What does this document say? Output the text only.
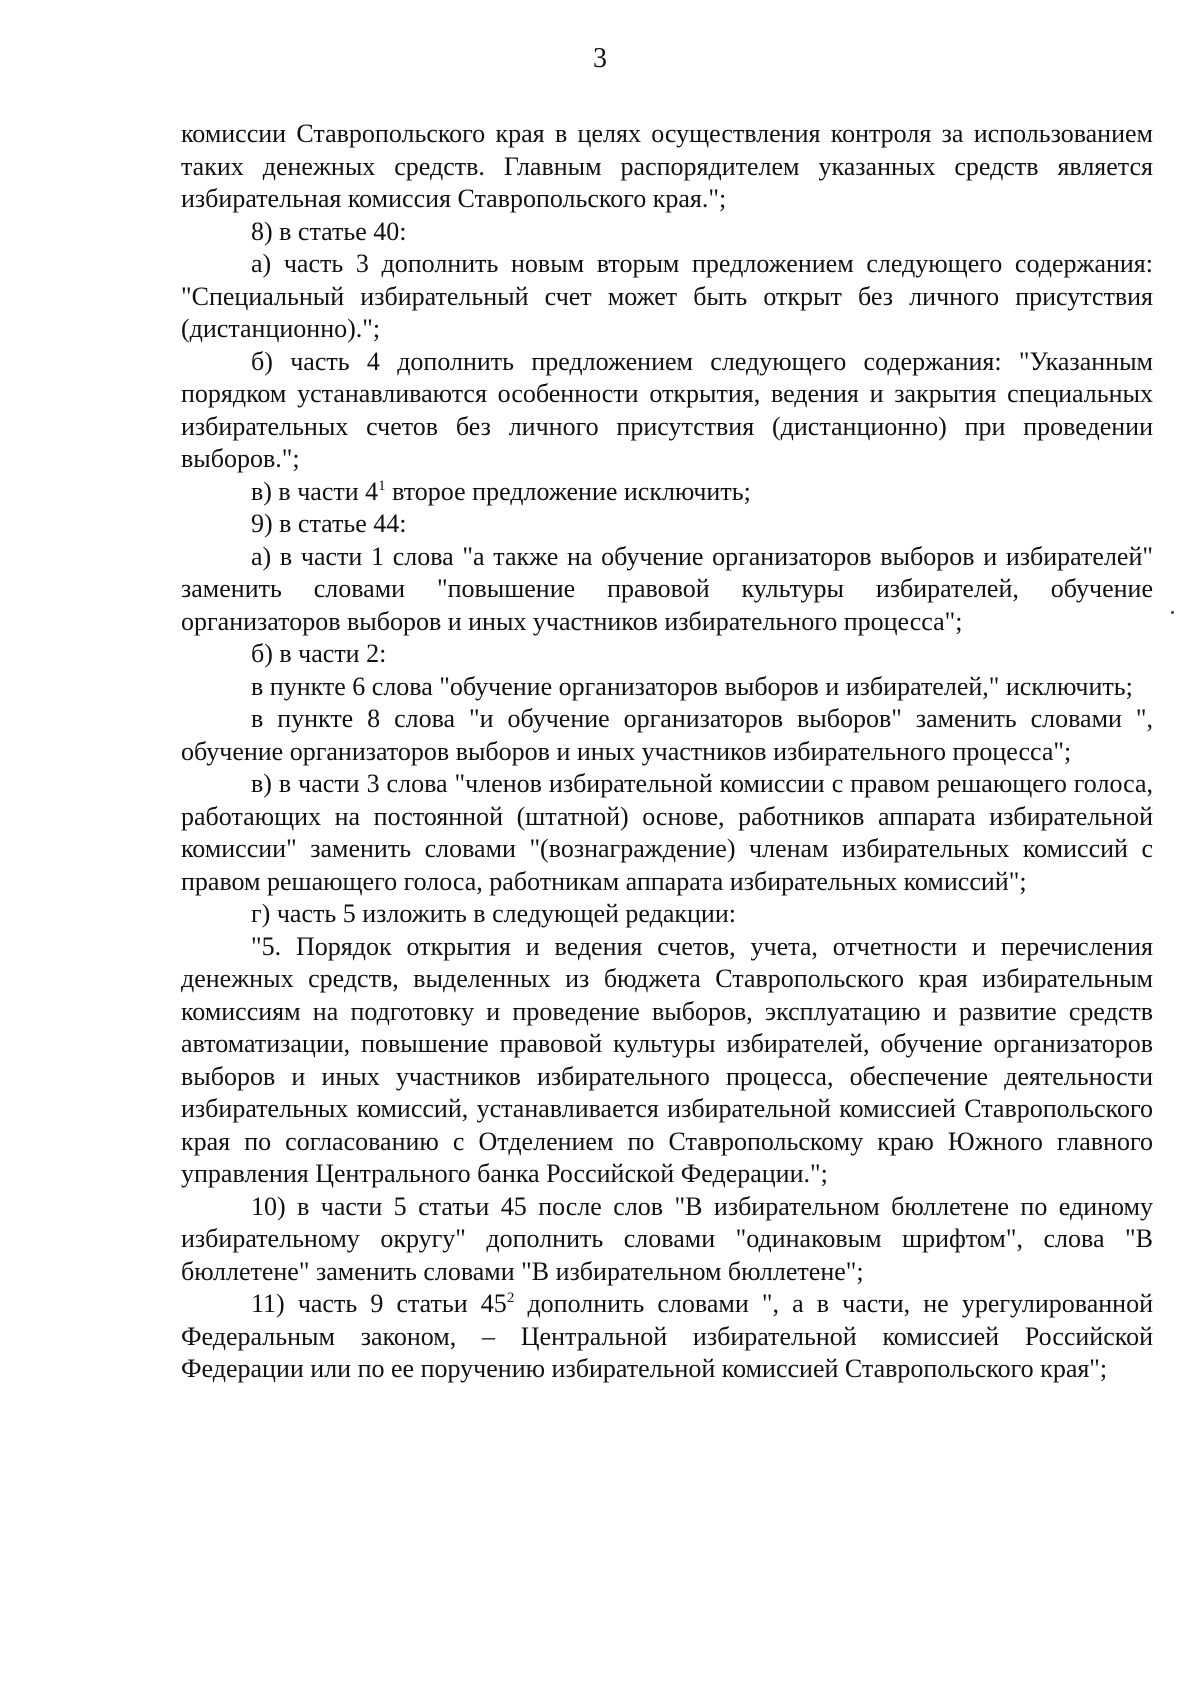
3

комиссии Ставропольского края в целях осуществления контроля за использованием таких денежных средств. Главным распорядителем указанных средств является избирательная комиссия Ставропольского края.";

8) в статье 40:

а) часть 3 дополнить новым вторым предложением следующего содержания: "Специальный избирательный счет может быть открыт без личного присутствия (дистанционно).";

б) часть 4 дополнить предложением следующего содержания: "Указанным порядком устанавливаются особенности открытия, ведения и закрытия специальных избирательных счетов без личного присутствия (дистанционно) при проведении выборов.";

в) в части $4^1$ второе предложение исключить;

9) в статье 44:

а) в части 1 слова "а также на обучение организаторов выборов и избирателей" заменить словами "повышение правовой культуры избирателей, обучение организаторов выборов и иных участников избирательного процесса";

б) в части 2:

в пункте 6 слова "обучение организаторов выборов и избирателей," исключить;

в пункте 8 слова "и обучение организаторов выборов" заменить словами ", обучение организаторов выборов и иных участников избирательного процесса";

в) в части 3 слова "членов избирательной комиссии с правом решающего голоса, работающих на постоянной (штатной) основе, работников аппарата избирательной комиссии" заменить словами "(вознаграждение) членам избирательных комиссий с правом решающего голоса, работникам аппарата избирательных комиссий";

г) часть 5 изложить в следующей редакции:

"5. Порядок открытия и ведения счетов, учета, отчетности и перечисления денежных средств, выделенных из бюджета Ставропольского края избирательным комиссиям на подготовку и проведение выборов, эксплуатацию и развитие средств автоматизации, повышение правовой культуры избирателей, обучение организаторов выборов и иных участников избирательного процесса, обеспечение деятельности избирательных комиссий, устанавливается избирательной комиссией Ставропольского края по согласованию с Отделением по Ставропольскому краю Южного главного управления Центрального банка Российской Федерации.";

10) в части 5 статьи 45 после слов "В избирательном бюллетене по единому избирательному округу" дополнить словами "одинаковым шрифтом", слова "В бюллетене" заменить словами "В избирательном бюллетене";

11) часть 9 статьи $45^2$ дополнить словами ", а в части, не урегулированной Федеральным законом, – Центральной избирательной комиссией Российской Федерации или по ее поручению избирательной комиссией Ставропольского края";
